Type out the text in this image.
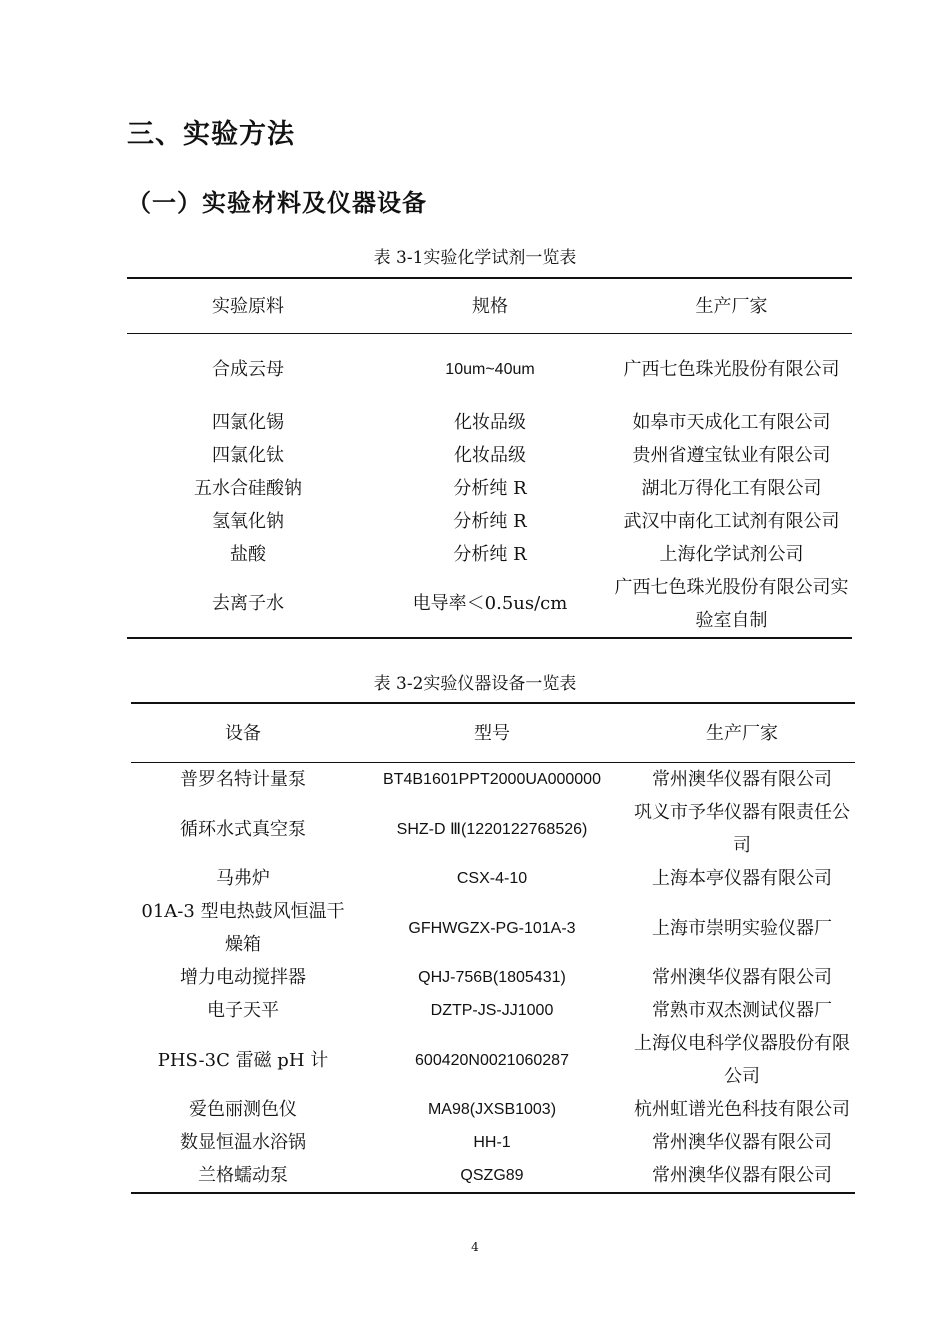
三、实验方法
（一）实验材料及仪器设备
表 3-1实验化学试剂一览表
实验原料	规格	生产厂家
合成云母	10um~40um	广西七色珠光股份有限公司
四氯化锡	化妆品级	如皋市天成化工有限公司
四氯化钛	化妆品级	贵州省遵宝钛业有限公司
五水合硅酸钠	分析纯 R	湖北万得化工有限公司
氢氧化钠	分析纯 R	武汉中南化工试剂有限公司
盐酸	分析纯 R	上海化学试剂公司
去离子水	电导率＜0.5us/cm	广西七色珠光股份有限公司实验室自制
表 3-2实验仪器设备一览表
设备	型号	生产厂家
普罗名特计量泵	BT4B1601PPT2000UA000000	常州澳华仪器有限公司
循环水式真空泵	SHZ-D Ⅲ(1220122768526)	巩义市予华仪器有限责任公司
马弗炉	CSX-4-10	上海本亭仪器有限公司
01A-3 型电热鼓风恒温干燥箱	GFHWGZX-PG-101A-3	上海市崇明实验仪器厂
增力电动搅拌器	QHJ-756B(1805431)	常州澳华仪器有限公司
电子天平	DZTP-JS-JJ1000	常熟市双杰测试仪器厂
PHS-3C 雷磁 pH 计	600420N0021060287	上海仪电科学仪器股份有限公司
爱色丽测色仪	MA98(JXSB1003)	杭州虹谱光色科技有限公司
数显恒温水浴锅	HH-1	常州澳华仪器有限公司
兰格蠕动泵	QSZG89	常州澳华仪器有限公司
4
